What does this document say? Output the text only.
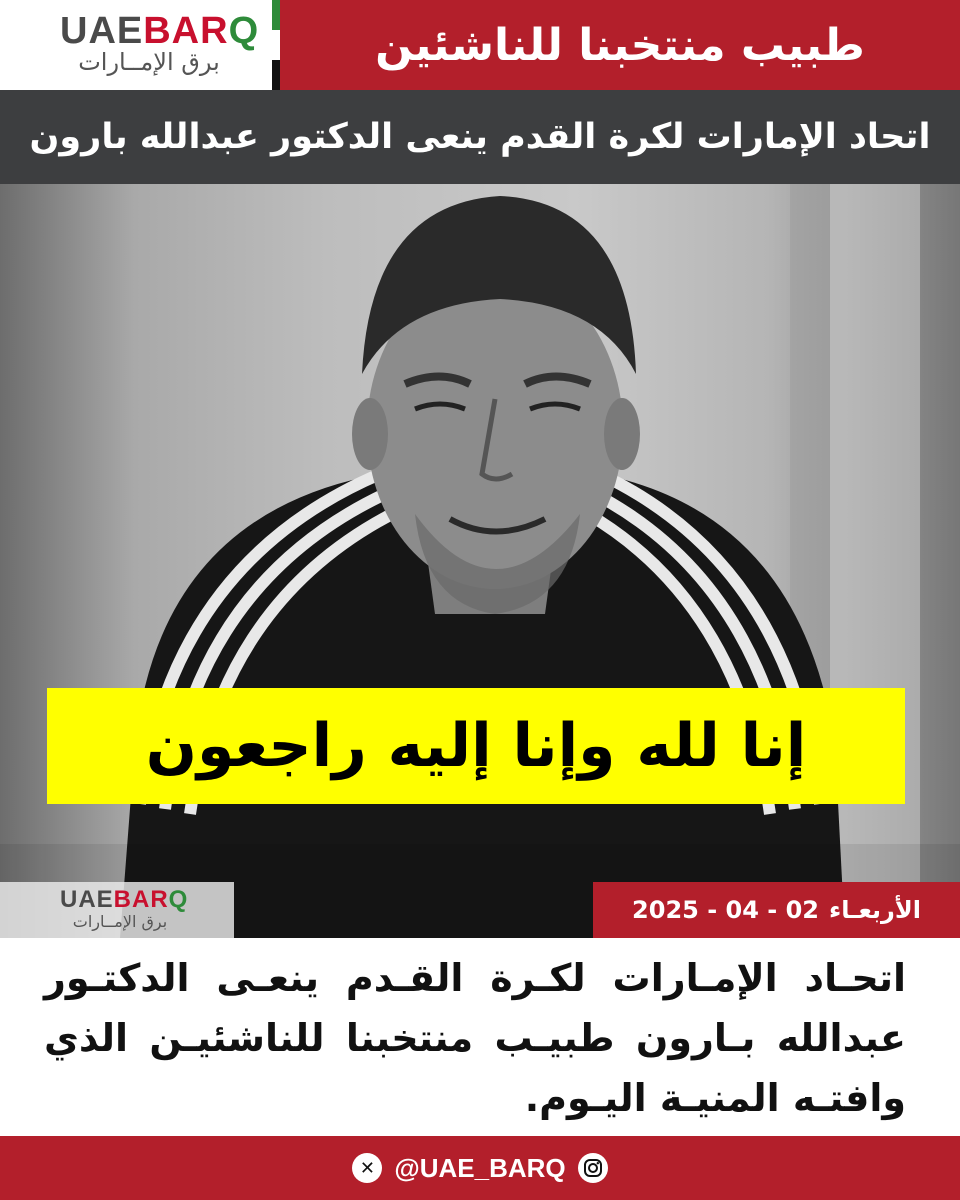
UAEBARQ
برق الإمــارات	طبيب منتخبنا للناشئين
اتحاد الإمارات لكرة القدم ينعى الدكتور عبدالله بارون
إنا لله وإنا إليه راجعون
UAEBARQ
برق الإمــارات	2025 - 04 - 02 الأربعـاء
اتحـاد الإمـارات لكـرة القـدم ينعـى الدكتـور عبدالله بـارون طبيـب منتخبنا للناشئيـن الذي وافتـه المنيـة اليـوم.
✕ @UAE_BARQ
